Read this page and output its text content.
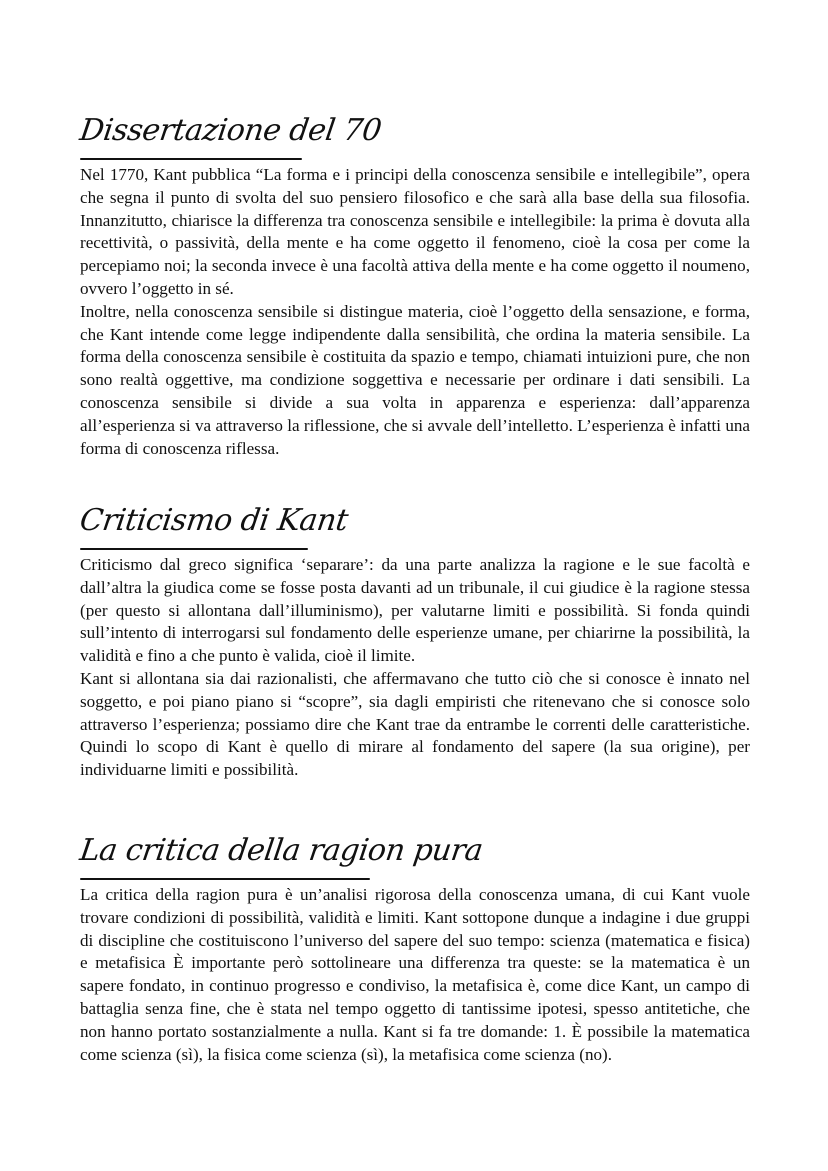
Dissertazione del 70

Nel 1770, Kant pubblica “La forma e i principi della conoscenza sensibile e intellegibile”, opera che segna il punto di svolta del suo pensiero filosofico e che sarà alla base della sua filosofia. Innanzitutto, chiarisce la differenza tra conoscenza sensibile e intellegibile: la prima è dovuta alla recettività, o passività, della mente e ha come oggetto il fenomeno, cioè la cosa per come la percepiamo noi; la seconda invece è una facoltà attiva della mente e ha come oggetto il noumeno, ovvero l’oggetto in sé.
Inoltre, nella conoscenza sensibile si distingue materia, cioè l’oggetto della sensazione, e forma, che Kant intende come legge indipendente dalla sensibilità, che ordina la materia sensibile. La forma della conoscenza sensibile è costituita da spazio e tempo, chiamati intuizioni pure, che non sono realtà oggettive, ma condizione soggettiva e necessarie per ordinare i dati sensibili. La conoscenza sensibile si divide a sua volta in apparenza e esperienza: dall’apparenza all’esperienza si va attraverso la riflessione, che si avvale dell’intelletto. L’esperienza è infatti una forma di conoscenza riflessa.

Criticismo di Kant

Criticismo dal greco significa ‘separare’: da una parte analizza la ragione e le sue facoltà e dall’altra la giudica come se fosse posta davanti ad un tribunale, il cui giudice è la ragione stessa (per questo si allontana dall’illuminismo), per valutarne limiti e possibilità. Si fonda quindi sull’intento di interrogarsi sul fondamento delle esperienze umane, per chiarirne la possibilità, la validità e fino a che punto è valida, cioè il limite.
Kant si allontana sia dai razionalisti, che affermavano che tutto ciò che si conosce è innato nel soggetto, e poi piano piano si “scopre”, sia dagli empiristi che ritenevano che si conosce solo attraverso l’esperienza; possiamo dire che Kant trae da entrambe le correnti delle caratteristiche. Quindi lo scopo di Kant è quello di mirare al fondamento del sapere (la sua origine), per individuarne limiti e possibilità.

La critica della ragion pura

La critica della ragion pura è un’analisi rigorosa della conoscenza umana, di cui Kant vuole trovare condizioni di possibilità, validità e limiti. Kant sottopone dunque a indagine i due gruppi di discipline che costituiscono l’universo del sapere del suo tempo: scienza (matematica e fisica) e metafisica È importante però sottolineare una differenza tra queste: se la matematica è un sapere fondato, in continuo progresso e condiviso, la metafisica è, come dice Kant, un campo di battaglia senza fine, che è stata nel tempo oggetto di tantissime ipotesi, spesso antitetiche, che non hanno portato sostanzialmente a nulla. Kant si fa tre domande: 1. È possibile la matematica come scienza (sì), la fisica come scienza (sì), la metafisica come scienza (no).
